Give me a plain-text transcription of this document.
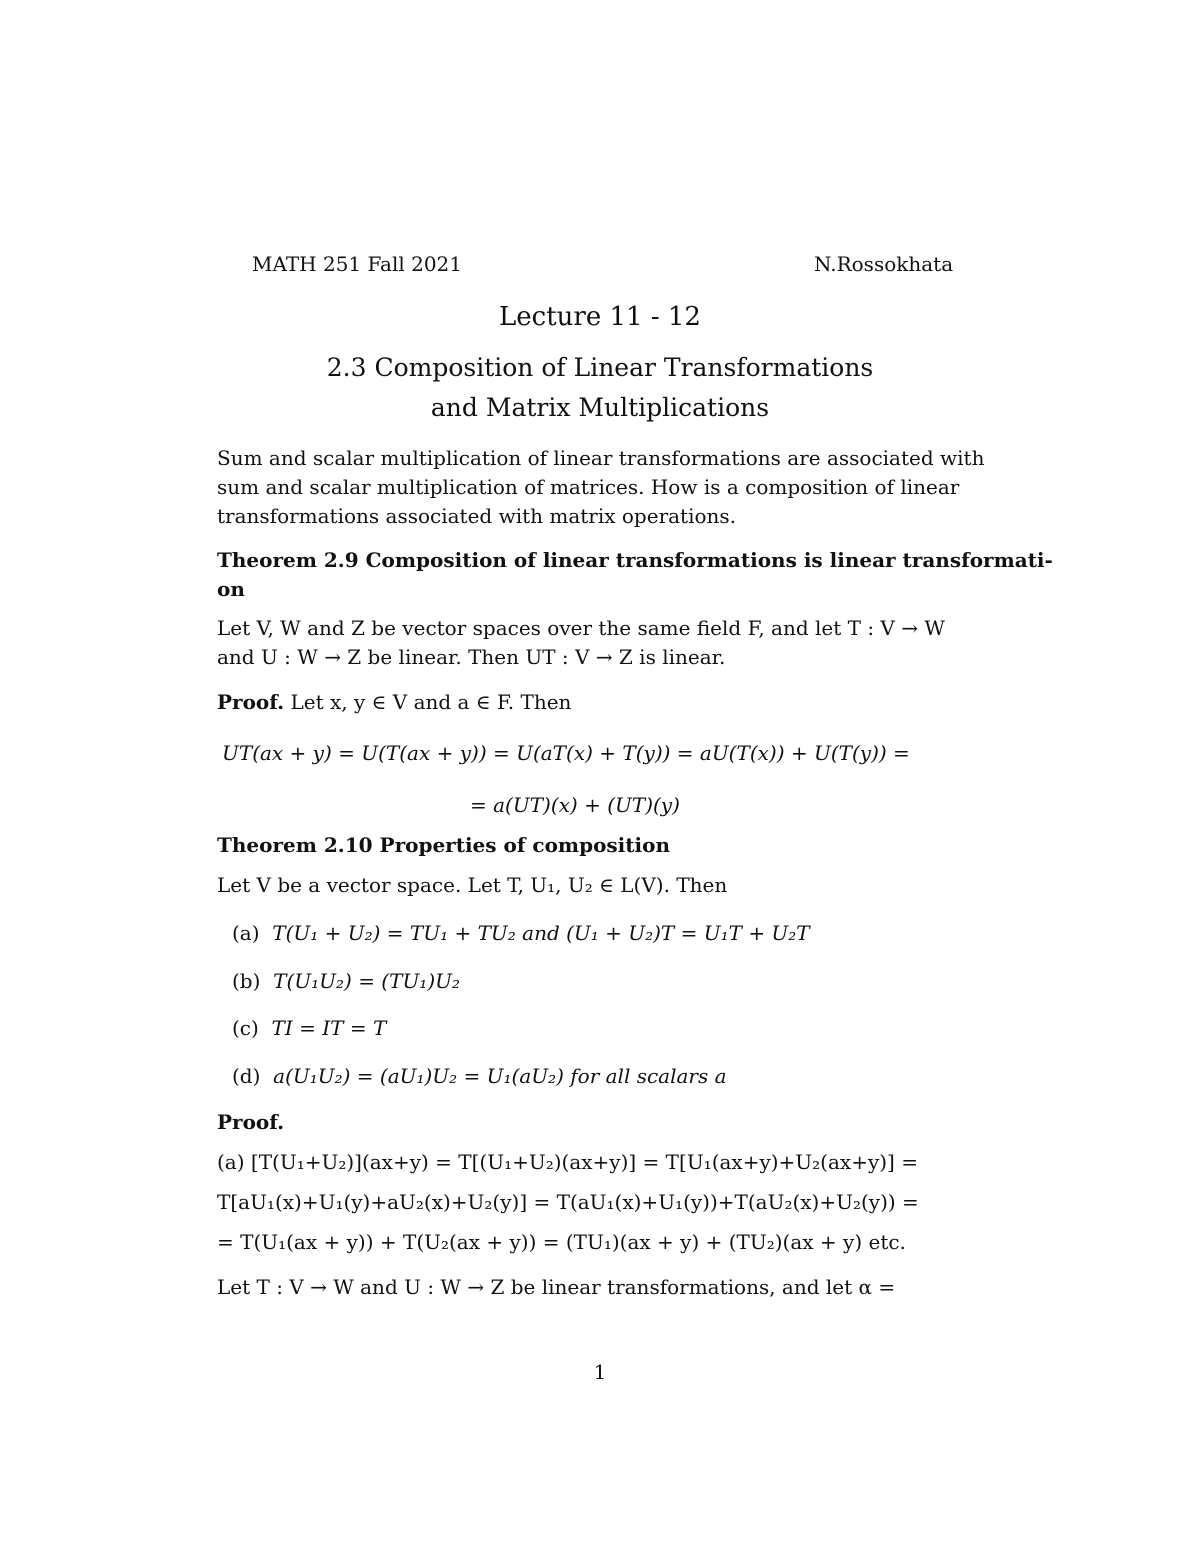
MATH 251 Fall 2021	N.Rossokhata
Lecture 11 - 12
2.3 Composition of Linear Transformations
and Matrix Multiplications
Sum and scalar multiplication of linear transformations are associated with
sum and scalar multiplication of matrices. How is a composition of linear
transformations associated with matrix operations.
Theorem 2.9 Composition of linear transformations is linear transformati-
on
Let V, W and Z be vector spaces over the same field F, and let T : V → W
and U : W → Z be linear. Then UT : V → Z is linear.
Proof. Let x, y ∈ V and a ∈ F. Then
UT(ax + y) = U(T(ax + y)) = U(aT(x) + T(y)) = aU(T(x)) + U(T(y)) =
= a(UT)(x) + (UT)(y)
Theorem 2.10 Properties of composition
Let V be a vector space. Let T, U₁, U₂ ∈ L(V). Then
(a) T(U₁ + U₂) = TU₁ + TU₂ and (U₁ + U₂)T = U₁T + U₂T
(b) T(U₁U₂) = (TU₁)U₂
(c) TI = IT = T
(d) a(U₁U₂) = (aU₁)U₂ = U₁(aU₂) for all scalars a
Proof.
(a) [T(U₁+U₂)](ax+y) = T[(U₁+U₂)(ax+y)] = T[U₁(ax+y)+U₂(ax+y)] =
T[aU₁(x)+U₁(y)+aU₂(x)+U₂(y)] = T(aU₁(x)+U₁(y))+T(aU₂(x)+U₂(y)) =
= T(U₁(ax + y)) + T(U₂(ax + y)) = (TU₁)(ax + y) + (TU₂)(ax + y) etc.
Let T : V → W and U : W → Z be linear transformations, and let α =
1
